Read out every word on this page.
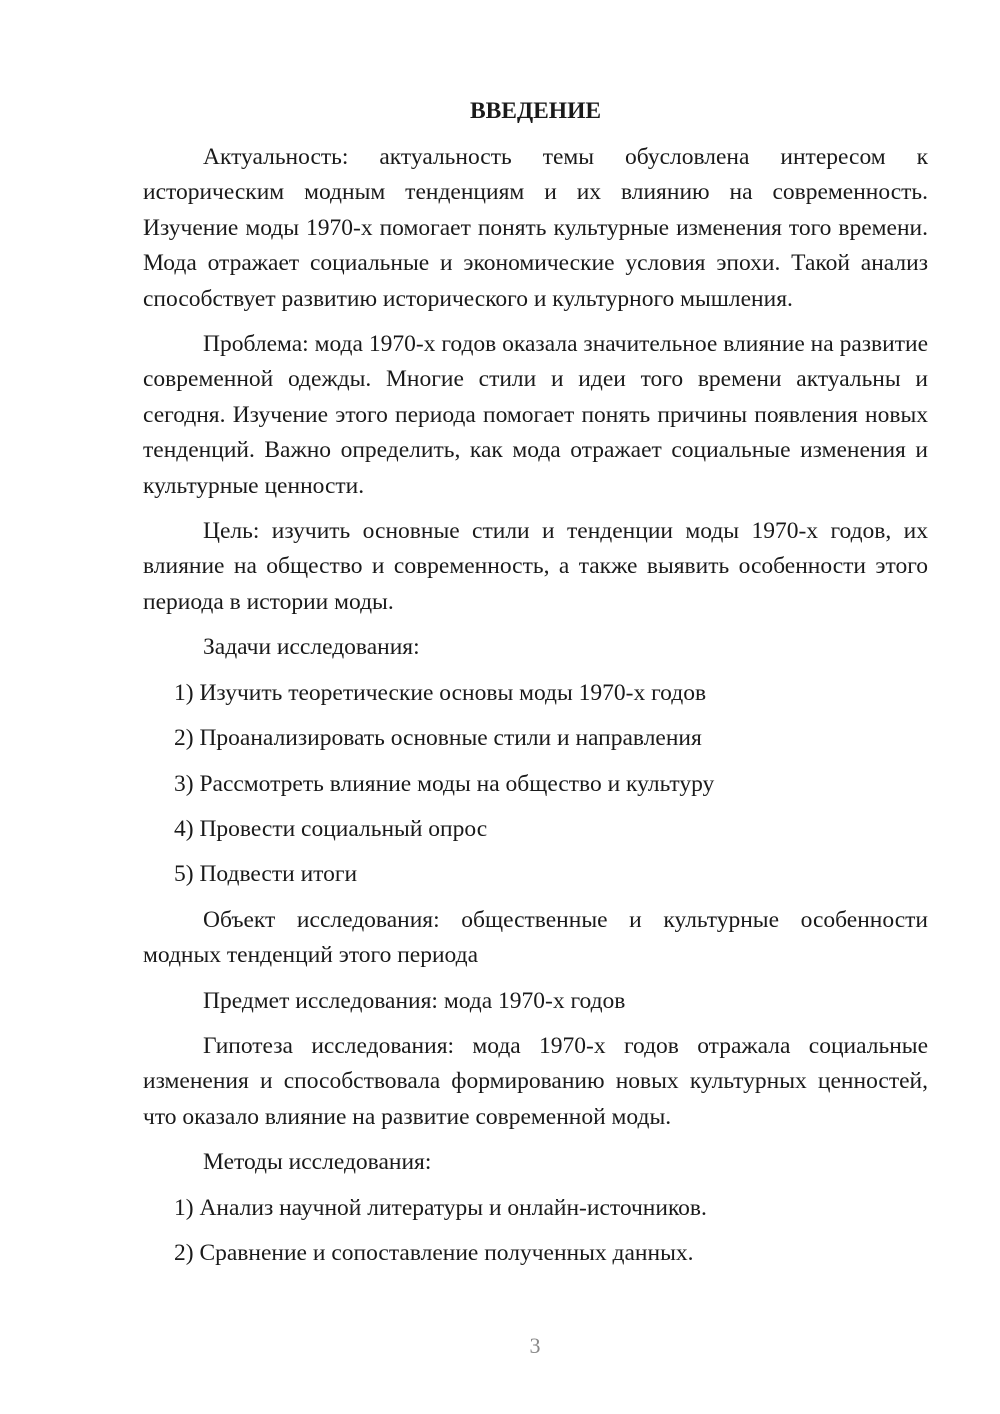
ВВЕДЕНИЕ

Актуальность: актуальность темы обусловлена интересом к историческим модным тенденциям и их влиянию на современность. Изучение моды 1970-х помогает понять культурные изменения того времени. Мода отражает социальные и экономические условия эпохи. Такой анализ способствует развитию исторического и культурного мышления.

Проблема: мода 1970-х годов оказала значительное влияние на развитие современной одежды. Многие стили и идеи того времени актуальны и сегодня. Изучение этого периода помогает понять причины появления новых тенденций. Важно определить, как мода отражает социальные изменения и культурные ценности.

Цель: изучить основные стили и тенденции моды 1970-х годов, их влияние на общество и современность, а также выявить особенности этого периода в истории моды.

Задачи исследования:

1) Изучить теоретические основы моды 1970-х годов

2) Проанализировать основные стили и направления

3) Рассмотреть влияние моды на общество и культуру

4) Провести социальный опрос

5) Подвести итоги

Объект исследования: общественные и культурные особенности модных тенденций этого периода

Предмет исследования: мода 1970-х годов

Гипотеза исследования: мода 1970-х годов отражала социальные изменения и способствовала формированию новых культурных ценностей, что оказало влияние на развитие современной моды.

Методы исследования:

1) Анализ научной литературы и онлайн-источников.

2) Сравнение и сопоставление полученных данных.

3
